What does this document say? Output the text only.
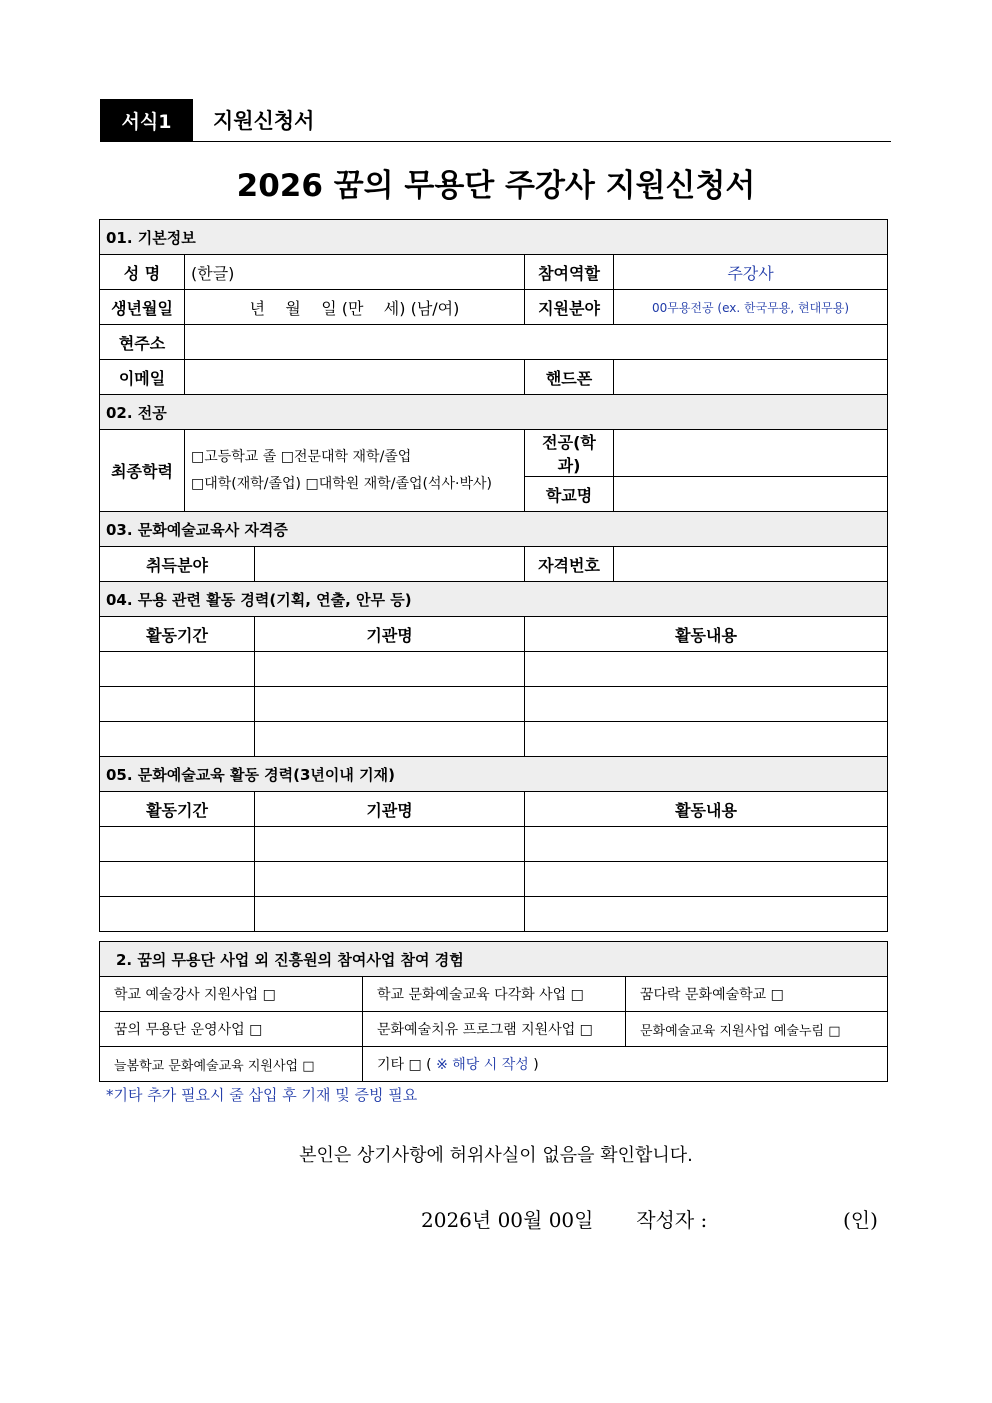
서식1	지원신청서
2026 꿈의 무용단 주강사 지원신청서
01. 기본정보				
성 명	(한글)		참여역할	주강사
생년월일	년    월    일 (만    세) (남/여)		지원분야	00무용전공 (ex. 한국무용, 현대무용)
현주소				
이메일			핸드폰	
02. 전공				
최종학력	□고등학교 졸 □전문대학 재학/졸업
□대학(재학/졸업) □대학원 재학/졸업(석사·박사)		전공(학과)	
			학교명	
03. 문화예술교육사 자격증				
취득분야			자격번호	
04. 무용 관련 활동 경력(기획, 연출, 안무 등)				
활동기간		기관명	활동내용	

05. 문화예술교육 활동 경력(3년이내 기재)				
활동기간		기관명	활동내용	

2. 꿈의 무용단 사업 외 진흥원의 참여사업 참여 경험		
학교 예술강사 지원사업 □	학교 문화예술교육 다각화 사업 □	꿈다락 문화예술학교 □
꿈의 무용단 운영사업 □	문화예술치유 프로그램 지원사업 □	문화예술교육 지원사업 예술누림 □
늘봄학교 문화예술교육 지원사업 □	기타 □ ( ※ 해당 시 작성 )	
*기타 추가 필요시 줄 삽입 후 기재 및 증빙 필요
본인은 상기사항에 허위사실이 없음을 확인합니다.
2026년 00월 00일 작성자 :	(인)
